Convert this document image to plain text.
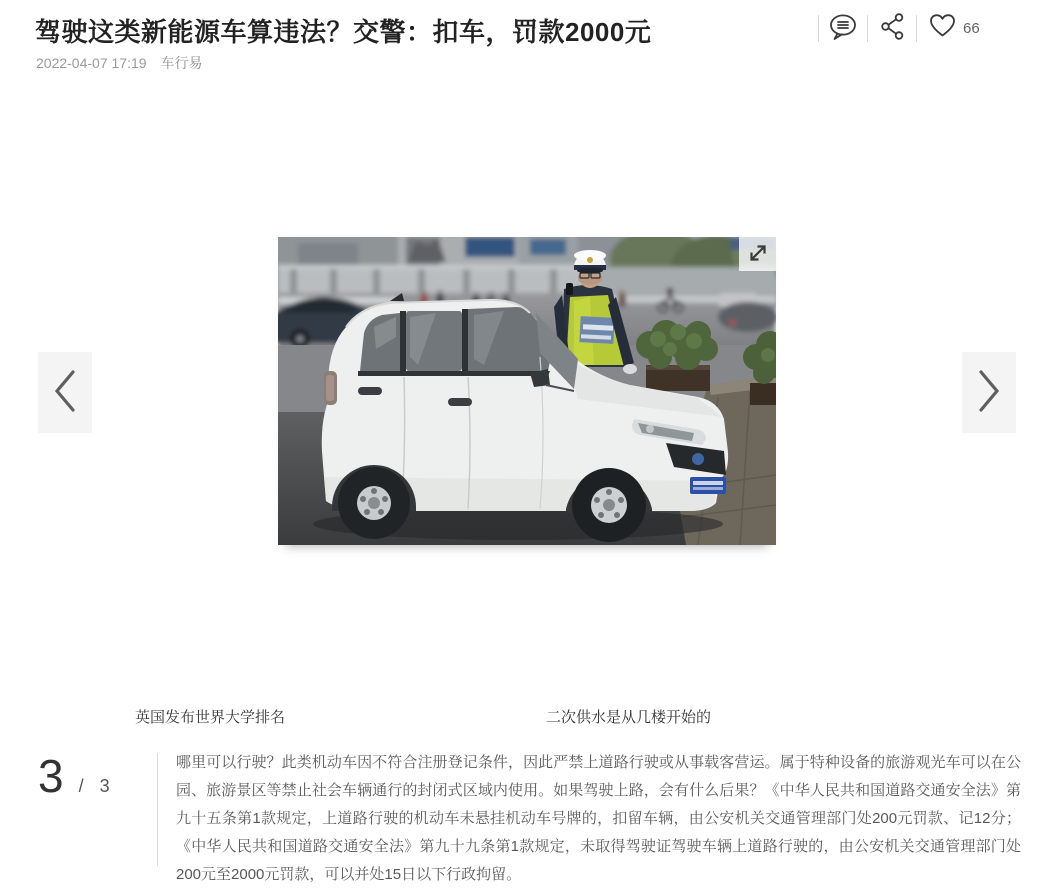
驾驶这类新能源车算违法？交警：扣车，罚款2000元
2022-04-07 17:19 车行易
66
英国发布世界大学排名	二次供水是从几楼开始的
3 / 3

哪里可以行驶？此类机动车因不符合注册登记条件，因此严禁上道路行驶或从事载客营运。属于特种设备的旅游观光车可以在公园、旅游景区等禁止社会车辆通行的封闭式区域内使用。如果驾驶上路，会有什么后果？《中华人民共和国道路交通安全法》第九十五条第1款规定，上道路行驶的机动车未悬挂机动车号牌的，扣留车辆，由公安机关交通管理部门处200元罚款、记12分；《中华人民共和国道路交通安全法》第九十九条第1款规定，未取得驾驶证驾驶车辆上道路行驶的，由公安机关交通管理部门处200元至2000元罚款，可以并处15日以下行政拘留。
